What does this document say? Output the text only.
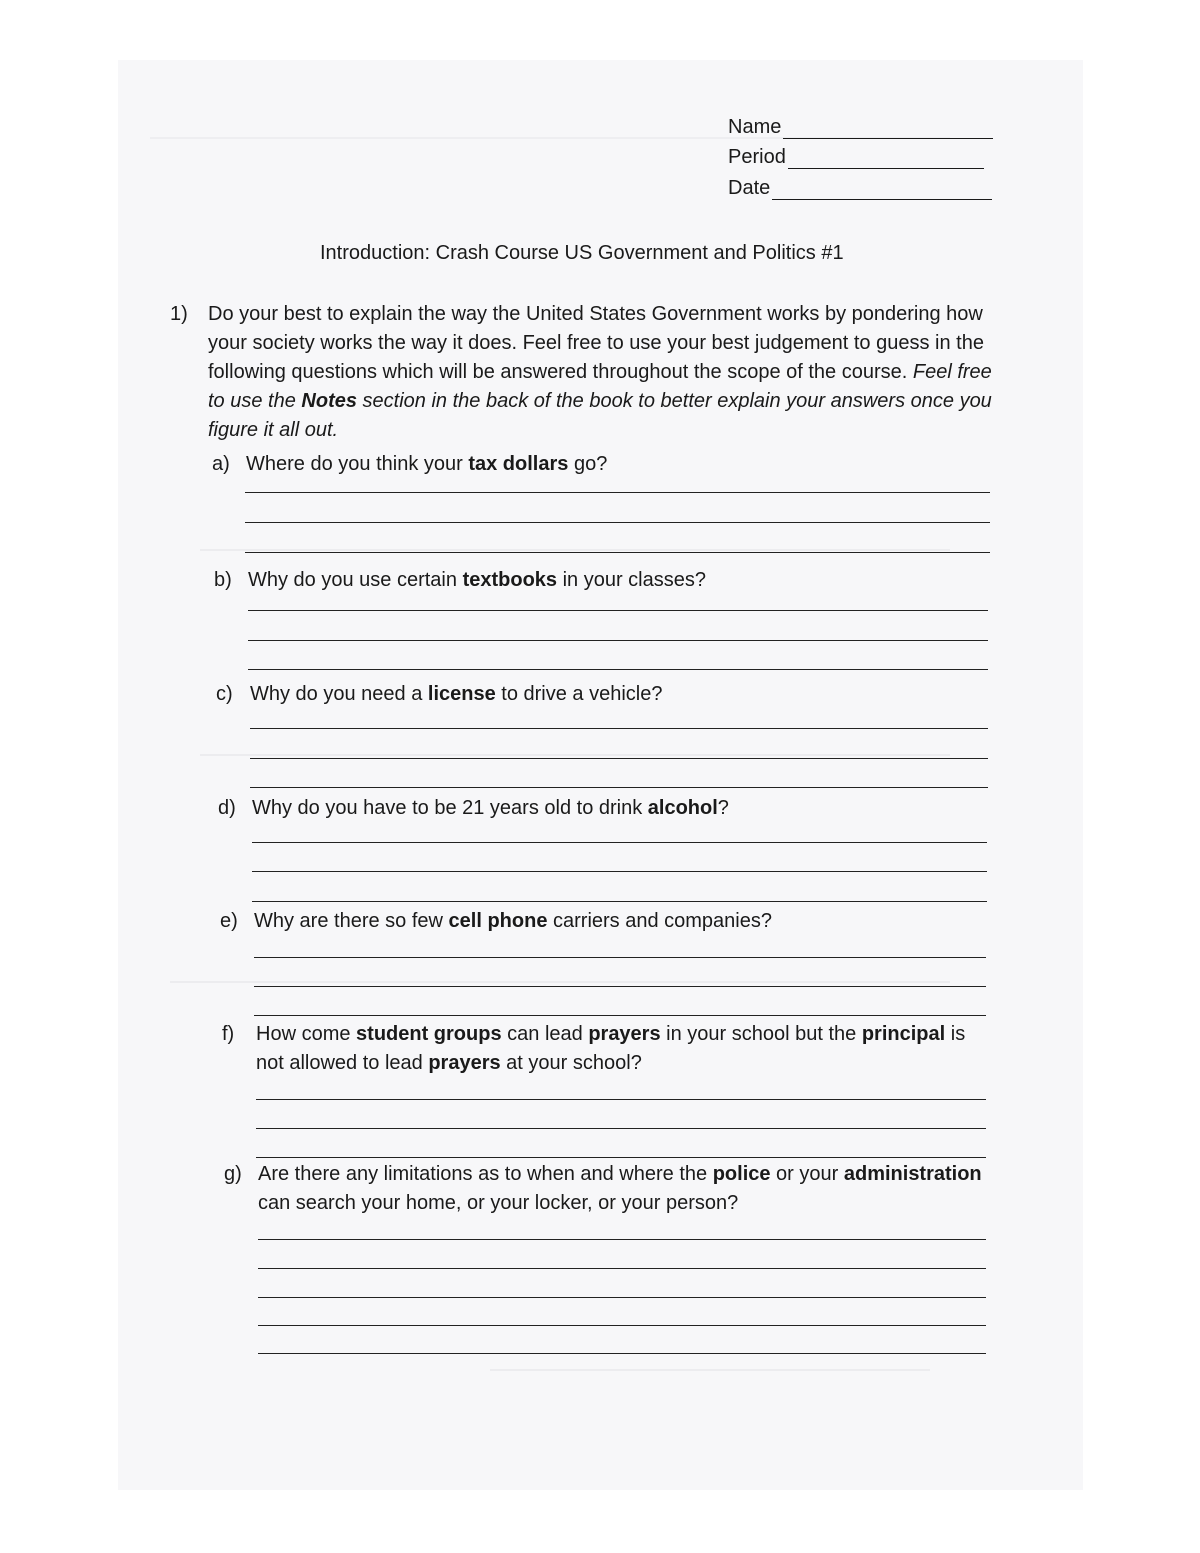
Name
Period
Date
Introduction: Crash Course US Government and Politics #1
1) Do your best to explain the way the United States Government works by pondering how your society works the way it does. Feel free to use your best judgement to guess in the following questions which will be answered throughout the scope of the course. Feel free to use the Notes section in the back of the book to better explain your answers once you figure it all out.
a) Where do you think your tax dollars go?
b) Why do you use certain textbooks in your classes?
c) Why do you need a license to drive a vehicle?
d) Why do you have to be 21 years old to drink alcohol?
e) Why are there so few cell phone carriers and companies?
f) How come student groups can lead prayers in your school but the principal is not allowed to lead prayers at your school?
g) Are there any limitations as to when and where the police or your administration can search your home, or your locker, or your person?
